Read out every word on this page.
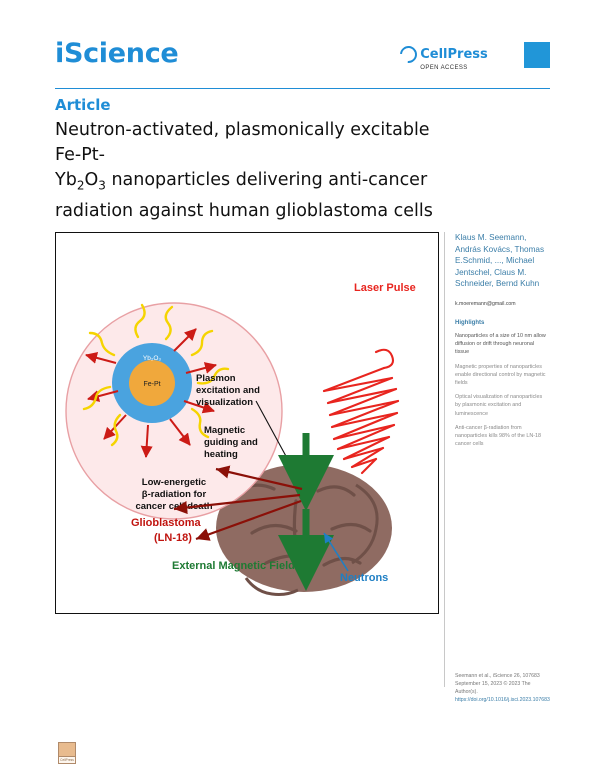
iScience	CellPress
OPEN ACCESS
Article
Neutron-activated, plasmonically excitable Fe-Pt-
$Yb_2O_3$ nanoparticles delivering anti-cancer
radiation against human glioblastoma cells
Klaus M. Seemann, András Kovács, Thomas E.Schmid, ..., Michael Jentschel, Claus M. Schneider, Bernd Kuhn
k.moeremann@gmail.com
Highlights
Nanoparticles of a size of 10 nm allow diffusion or drift through neuronal tissue
Magnetic properties of nanoparticles enable directional control by magnetic fields
Optical visualization of nanoparticles by plasmonic excitation and luminescence
Anti-cancer β-radiation from nanoparticles kills 98% of the LN-18 cancer cells
Seemann et al., iScience 26, 107683
September 15, 2023 © 2023 The Author(s).
https://doi.org/10.1016/j.isci.2023.107683
Yb₂O₃
Fe-Pt
Plasmon
excitation and
visualization
Magnetic
guiding and
heating
Low-energetic
β-radiation for
cancer cell death
Laser Pulse
Glioblastoma
(LN-18)
External Magnetic Field
Neutrons
CellPress
